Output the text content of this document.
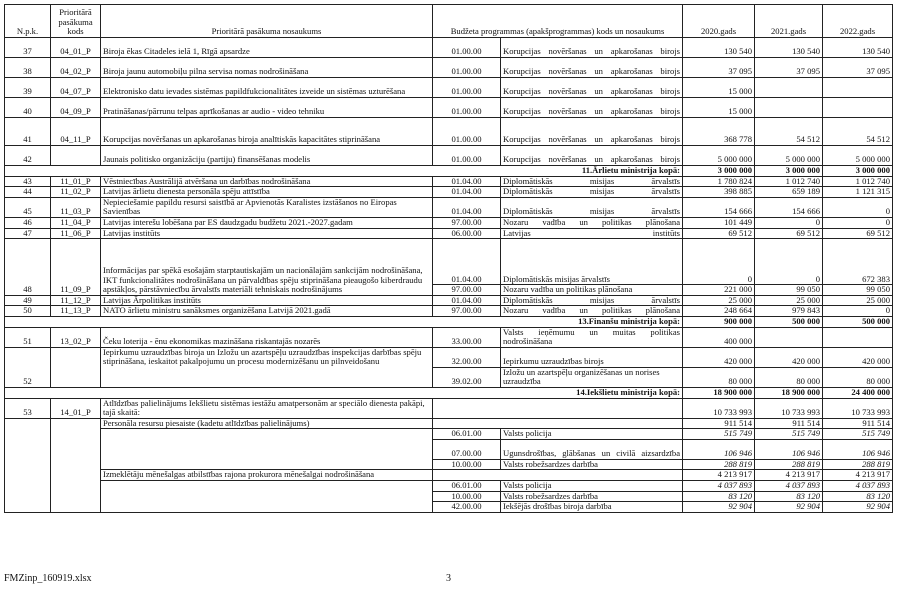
N.p.k.	Prioritārā pasākuma kods	Prioritārā pasākuma nosaukums	Budžeta programmas (apakšprogrammas) kods un nosaukums		2020.gads	2021.gads	2022.gads
37	04_01_P	Biroja ēkas Citadeles ielā 1, Rīgā apsardze	01.00.00	Korupcijas novēršanas un apkarošanas birojs	130 540	130 540	130 540
38	04_02_P	Biroja jaunu automobiļu pilna servisa nomas nodrošināšana	01.00.00	Korupcijas novēršanas un apkarošanas birojs	37 095	37 095	37 095
39	04_07_P	Elektronisko datu ievades sistēmas papildfukcionalitātes izveide un sistēmas uzturēšana	01.00.00	Korupcijas novēršanas un apkarošanas birojs	15 000		
40	04_09_P	Pratināšanas/pārrunu telpas aprīkošanas ar audio - video tehniku	01.00.00	Korupcijas novēršanas un apkarošanas birojs	15 000		
41	04_11_P	Korupcijas novēršanas un apkarošanas biroja analītiskās kapacitātes stiprināšana	01.00.00	Korupcijas novēršanas un apkarošanas birojs	368 778	54 512	54 512
42		Jaunais politisko organizāciju (partiju) finansēšanas modelis	01.00.00	Korupcijas novēršanas un apkarošanas birojs	5 000 000	5 000 000	5 000 000
11.Ārlietu ministrija kopā:					3 000 000	3 000 000	3 000 000
43	11_01_P	Vēstniecības Austrālijā atvēršana un darbības nodrošināšana	01.04.00	Diplomātiskās misijas ārvalstīs	1 780 824	1 012 740	1 012 740
44	11_02_P	Latvijas ārlietu dienesta personāla spēju attīstība	01.04.00	Diplomātiskās misijas ārvalstīs	398 885	659 189	1 121 315
45	11_03_P	Nepieciešamie papildu resursi saistībā ar Apvienotās Karalistes izstāšanos no Eiropas Savienības	01.04.00	Diplomātiskās misijas ārvalstīs	154 666	154 666	0
46	11_04_P	Latvijas interešu lobēšana par ES daudzgadu budžetu 2021.-2027.gadam	97.00.00	Nozaru vadība un politikas plānošana	101 449	0	0
47	11_06_P	Latvijas institūts	06.00.00	Latvijas institūts	69 512	69 512	69 512
48	11_09_P	Informācijas par spēkā esošajām starptautiskajām un nacionālajām sankcijām nodrošināšana, IKT funkcionalitātes nodrošināšana un pārvaldības spēju stiprināšana pieaugošo kiberdraudu apstākļos, pārstāvniecību ārvalstīs materiāli tehniskais nodrošinājums	01.04.00	Diplomātiskās misijas ārvalstīs	0	0	672 383
			97.00.00	Nozaru vadība un politikas plānošana	221 000	99 050	99 050
49	11_12_P	Latvijas Ārpolitikas institūts	01.04.00	Diplomātiskās misijas ārvalstīs	25 000	25 000	25 000
50	11_13_P	NATO ārlietu ministru sanāksmes organizēšana Latvijā 2021.gadā	97.00.00	Nozaru vadība un politikas plānošana	248 664	979 843	0
13.Finanšu ministrija kopā:					900 000	500 000	500 000
51	13_02_P	Čeku loterija - ēnu ekonomikas mazināšana riskantajās nozarēs	33.00.00	Valsts ieņēmumu un muitas politikas nodrošināšana	400 000		
52		Iepirkumu uzraudzības biroja un Izložu un azartspēļu uzraudzības inspekcijas darbības spēju stiprināšana, ieskaitot pakalpojumu un procesu modernizēšanu un pilnveidošanu	32.00.00	Iepirkumu uzraudzības birojs	420 000	420 000	420 000
			39.02.00	Izložu un azartspēļu organizēšanas un norises uzraudzība	80 000	80 000	80 000
14.Iekšlietu ministrija kopā:					18 900 000	18 900 000	24 400 000
53	14_01_P	Atlīdzības palielinājums Iekšlietu sistēmas iestāžu amatpersonām ar speciālo dienesta pakāpi, tajā skaitā:			10 733 993	10 733 993	10 733 993
		Personāla resursu piesaiste (kadetu atlīdzības palielinājums)			911 514	911 514	911 514
			06.01.00	Valsts policija	515 749	515 749	515 749
			07.00.00	Ugunsdrošības, glābšanas un civilā aizsardzība	106 946	106 946	106 946
			10.00.00	Valsts robežsardzes darbība	288 819	288 819	288 819
		Izmeklētāju mēnešalgas atbilstības rajona prokurora mēnešalgai nodrošināšana			4 213 917	4 213 917	4 213 917
			06.01.00	Valsts policija	4 037 893	4 037 893	4 037 893
			10.00.00	Valsts robežsardzes darbība	83 120	83 120	83 120
			42.00.00	Iekšējās drošības biroja darbība	92 904	92 904	92 904
FMZinp_160919.xlsx	3
